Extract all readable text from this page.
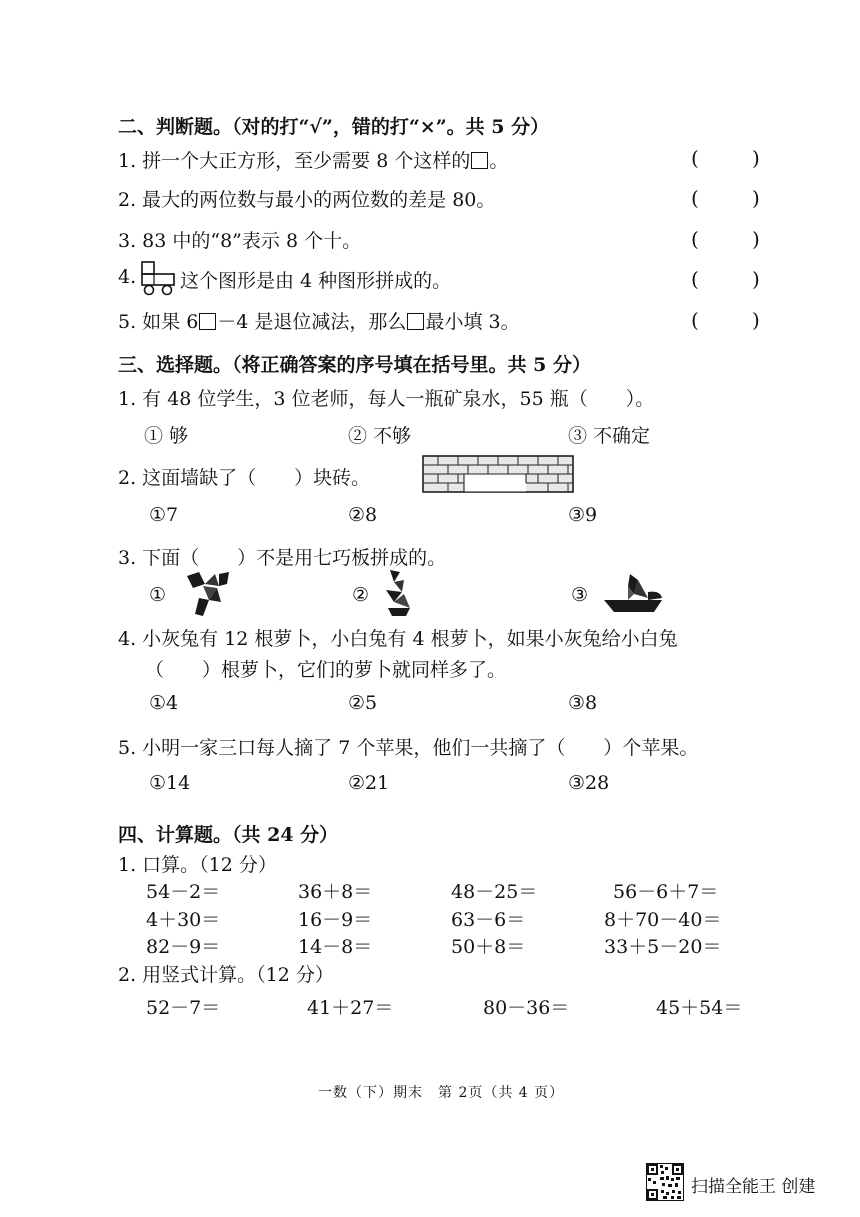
二、判断题。（对的打“√”，错的打“×”。共 5 分）
1. 拼一个大正方形，至少需要 8 个这样的 。	(	)
2. 最大的两位数与最小的两位数的差是 80。	(	)
3. 83 中的“8”表示 8 个十。	(	)
4. 这个图形是由 4 种图形拼成的。	(	)
5. 如果 6 －4 是退位减法，那么 最小填 3。	(	)
三、选择题。（将正确答案的序号填在括号里。共 5 分）
1. 有 48 位学生，3 位老师，每人一瓶矿泉水，55 瓶（　　）。
① 够	② 不够	③ 不确定
2. 这面墙缺了（　　）块砖。
①7	②8	③9
3. 下面（　　）不是用七巧板拼成的。
①	②	③
4. 小灰兔有 12 根萝卜，小白兔有 4 根萝卜，如果小灰兔给小白兔
（　　）根萝卜，它们的萝卜就同样多了。
①4	②5	③8
5. 小明一家三口每人摘了 7 个苹果，他们一共摘了（　　）个苹果。
①14	②21	③28
四、计算题。（共 24 分）
1. 口算。（12 分）
54－2＝	36＋8＝	48－25＝	56－6＋7＝
4＋30＝	16－9＝	63－6＝	8＋70－40＝
82－9＝	14－8＝	50＋8＝	33＋5－20＝
2. 用竖式计算。（12 分）
52－7＝	41＋27＝	80－36＝	45＋54＝
一数（下）期末　第 2页（共 4 页）
扫描全能王 创建
